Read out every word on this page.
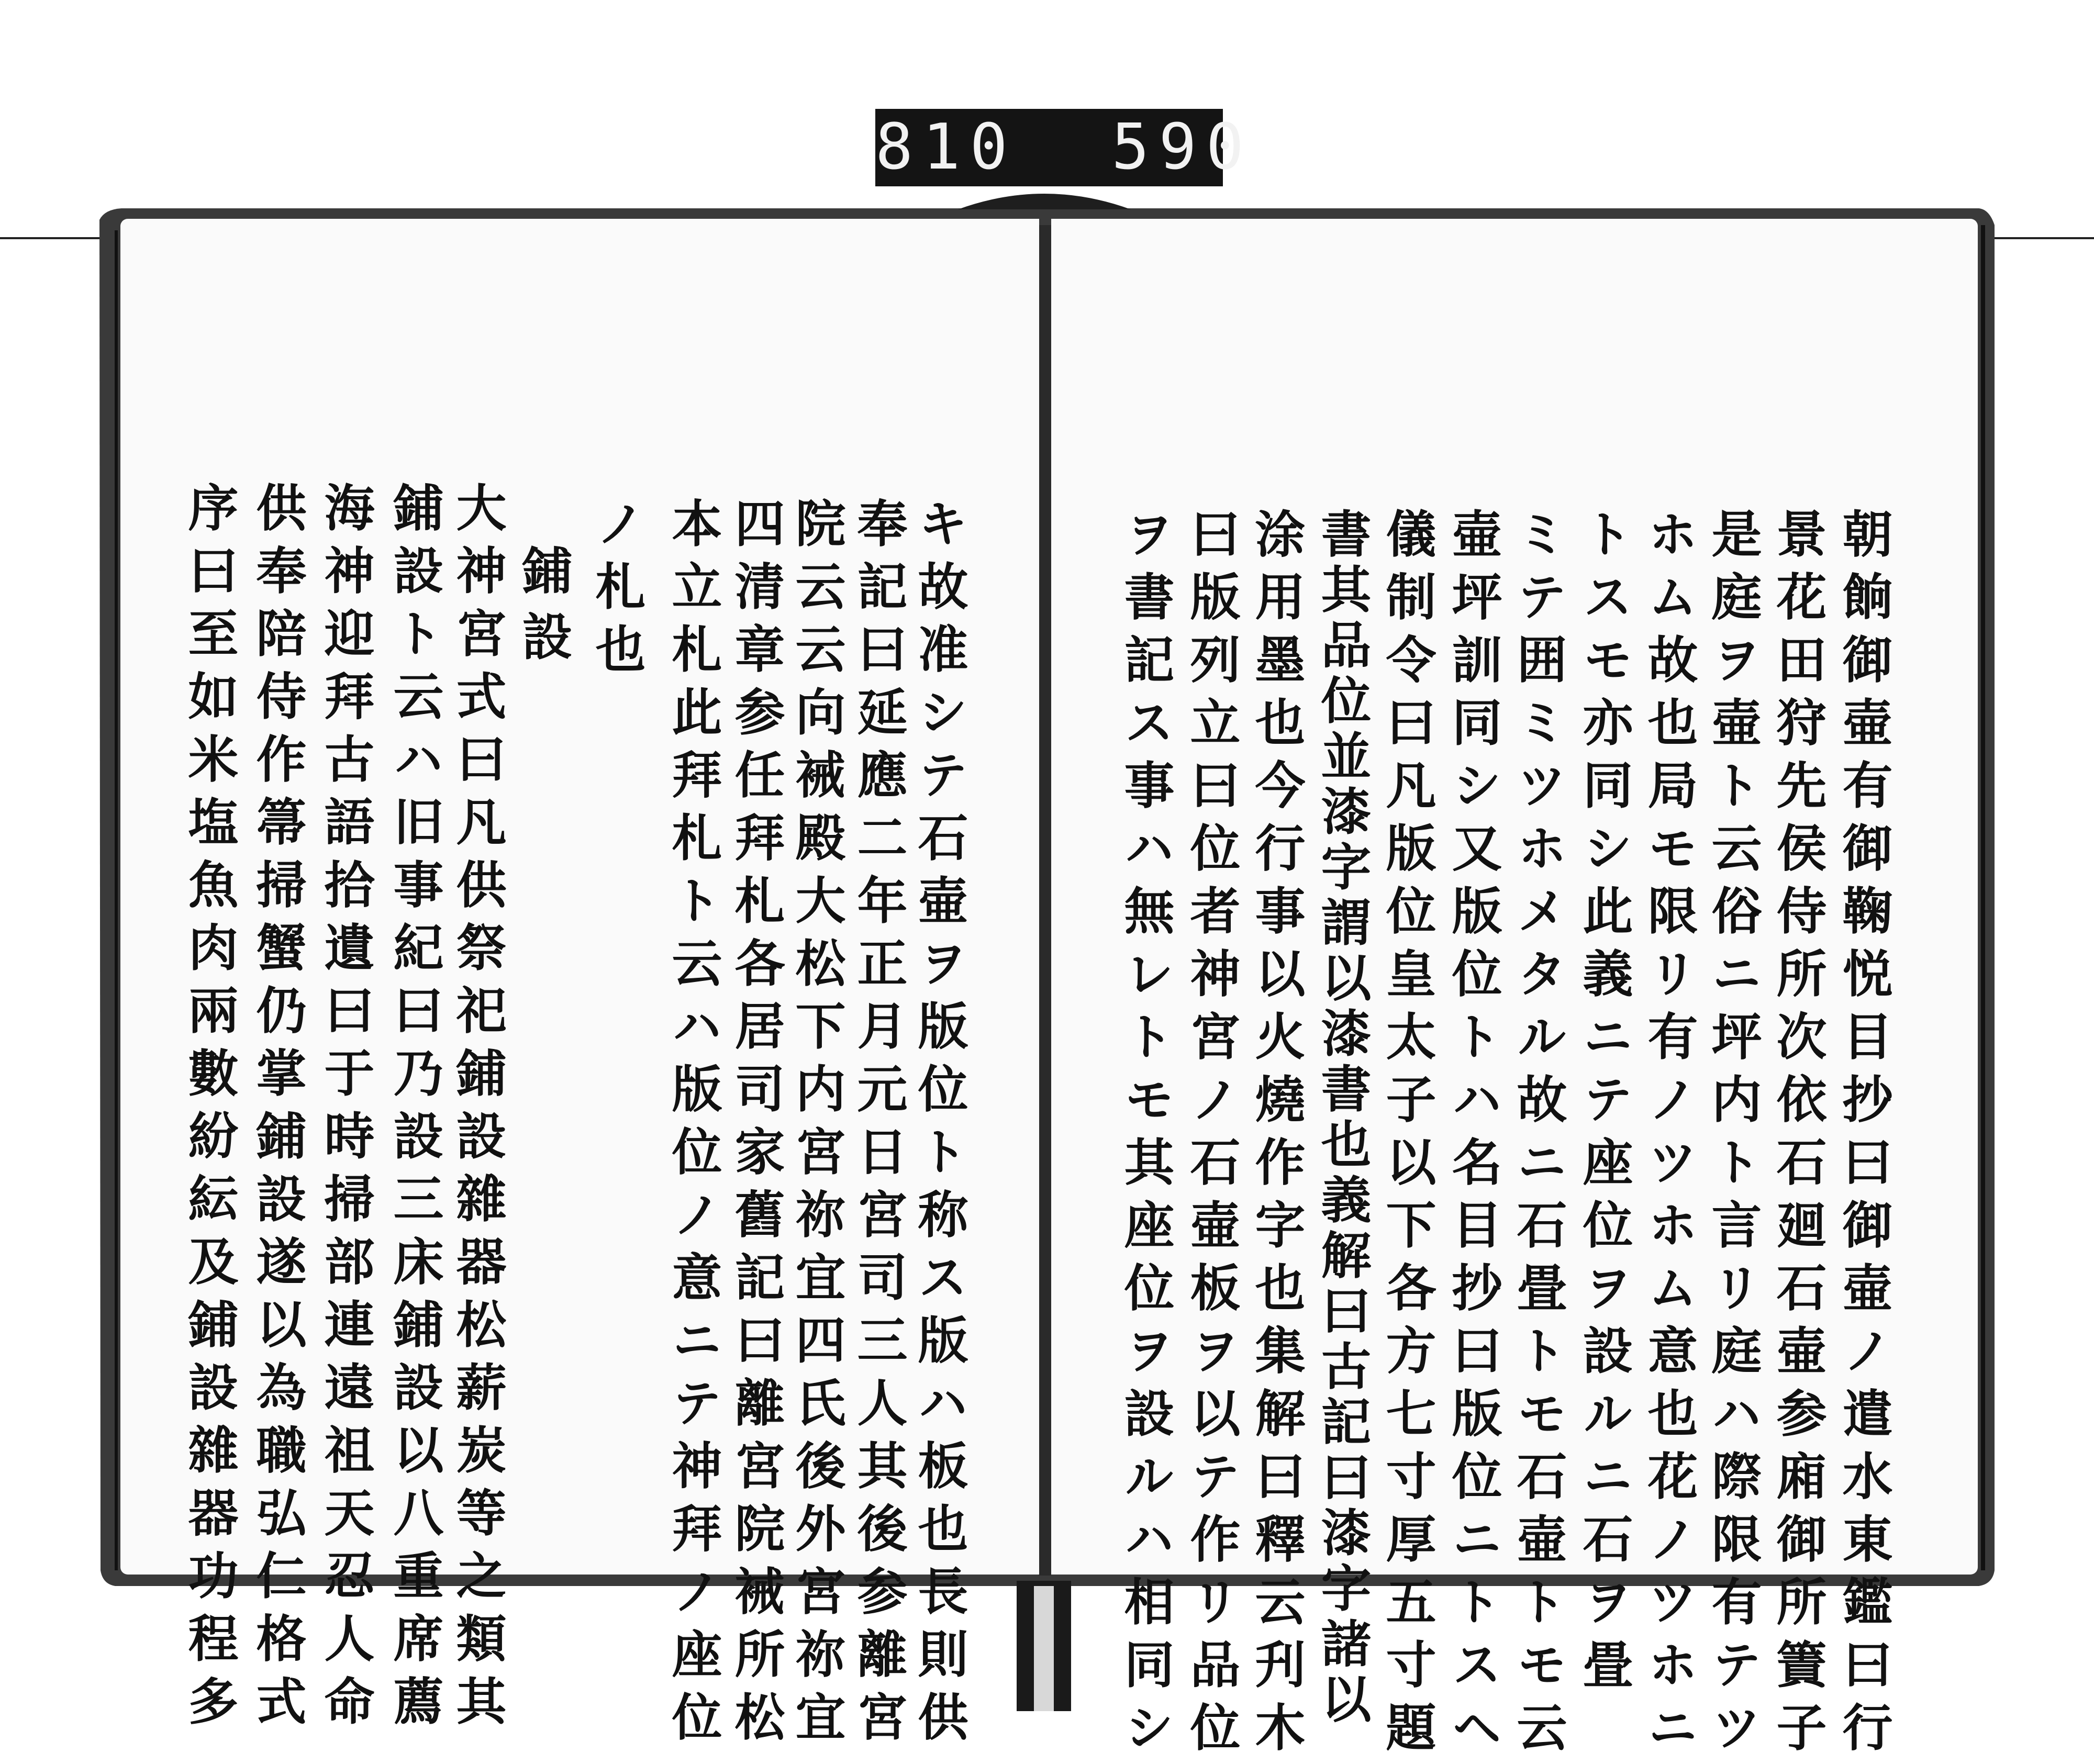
810  590
キ故准シテ石壷ヲ版位ト称ス版ハ板也長則供
奉記曰延應二年正月元日宮司三人其後参離宮
院云云向裓殿大松下内宮祢宜四氏後外宮祢宜
四清章参任拜札各居司家舊記曰離宮院裓所松
本立札此拜札ト云ハ版位ノ意ニテ神拜ノ座位
ノ札也
鋪設
大神宮式曰凡供祭祀鋪設雜器松薪炭等之類其
鋪設ト云ハ旧事紀曰乃設三床鋪設以八重席薦
海神迎拜古語拾遺曰于時掃部連遠祖天忍人命
供奉陪侍作箒掃蟹仍掌鋪設遂以為職弘仁格式
序曰至如米塩魚肉兩數紛紜及鋪設雜器功程多	朝餉御壷有御鞠悦目抄曰御壷ノ遣水東鑑曰行
景花田狩先侯侍所次依石廻石壷参廂御所簀子
是庭ヲ壷ト云俗ニ坪内ト言リ庭ハ際限有テツ
ホム故也局モ限リ有ノツホム意也花ノツホニ
トスモ亦同シ此義ニテ座位ヲ設ルニ石ヲ畳
ミテ囲ミツホメタル故ニ石畳トモ石壷トモ云
壷坪訓同シ又版位トハ名目抄曰版位ニトスヘ
儀制令曰凡版位皇太子以下各方七寸厚五寸題
書其品位並漆字謂以漆書也義解曰古記曰漆字諸以
涂用墨也今行事以火燒作字也集解曰釋云刋木
曰版列立曰位者神宮ノ石壷板ヲ以テ作リ品位
ヲ書記ス事ハ無レトモ其座位ヲ設ルハ相同シ
